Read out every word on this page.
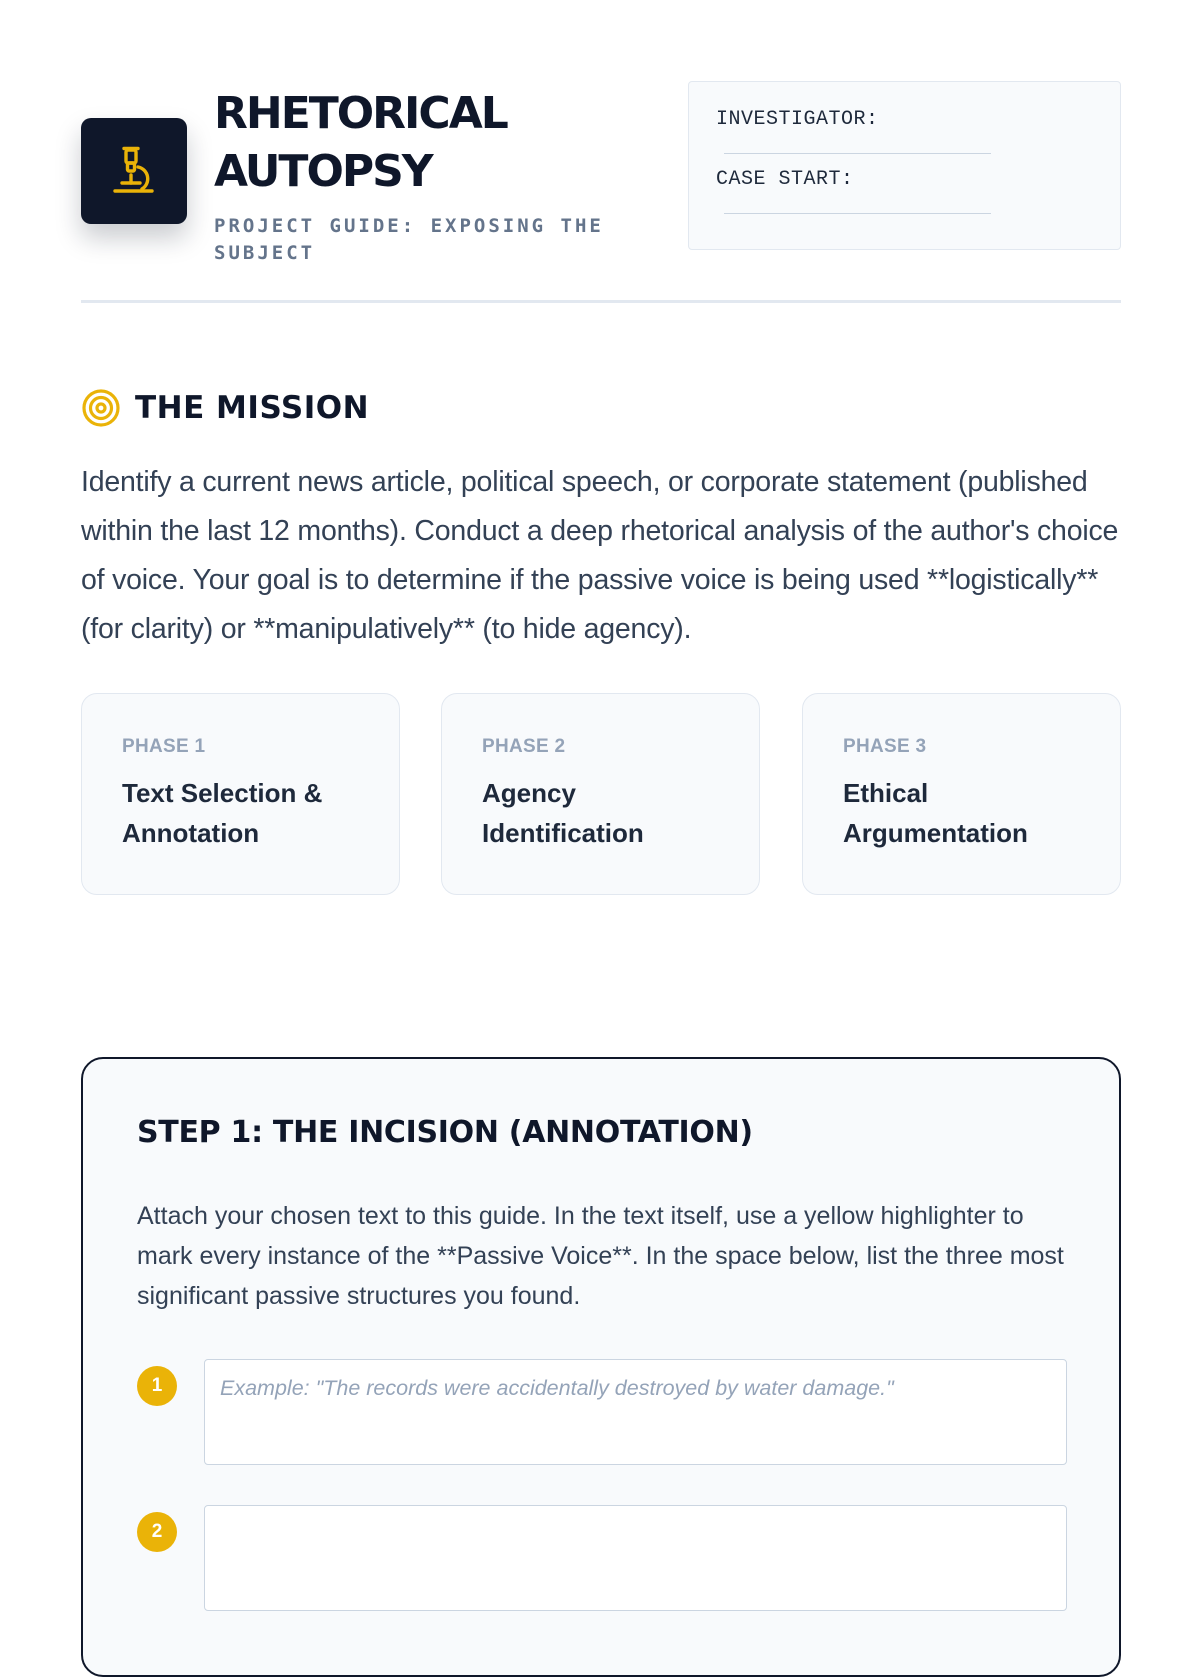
RHETORICAL
AUTOPSY
PROJECT GUIDE: EXPOSING THE SUBJECT
INVESTIGATOR:
CASE START:
THE MISSION

Identify a current news article, political speech, or corporate statement (published within the last 12 months). Conduct a deep rhetorical analysis of the author's choice of voice. Your goal is to determine if the passive voice is being used **logistically** (for clarity) or **manipulatively** (to hide agency).

PHASE 1
Text Selection & Annotation
PHASE 2
Agency Identification
PHASE 3
Ethical Argumentation
STEP 1: THE INCISION (ANNOTATION)

Attach your chosen text to this guide. In the text itself, use a yellow highlighter to mark every instance of the **Passive Voice**. In the space below, list the three most significant passive structures you found.

1
Example: "The records were accidentally destroyed by water damage."
2
